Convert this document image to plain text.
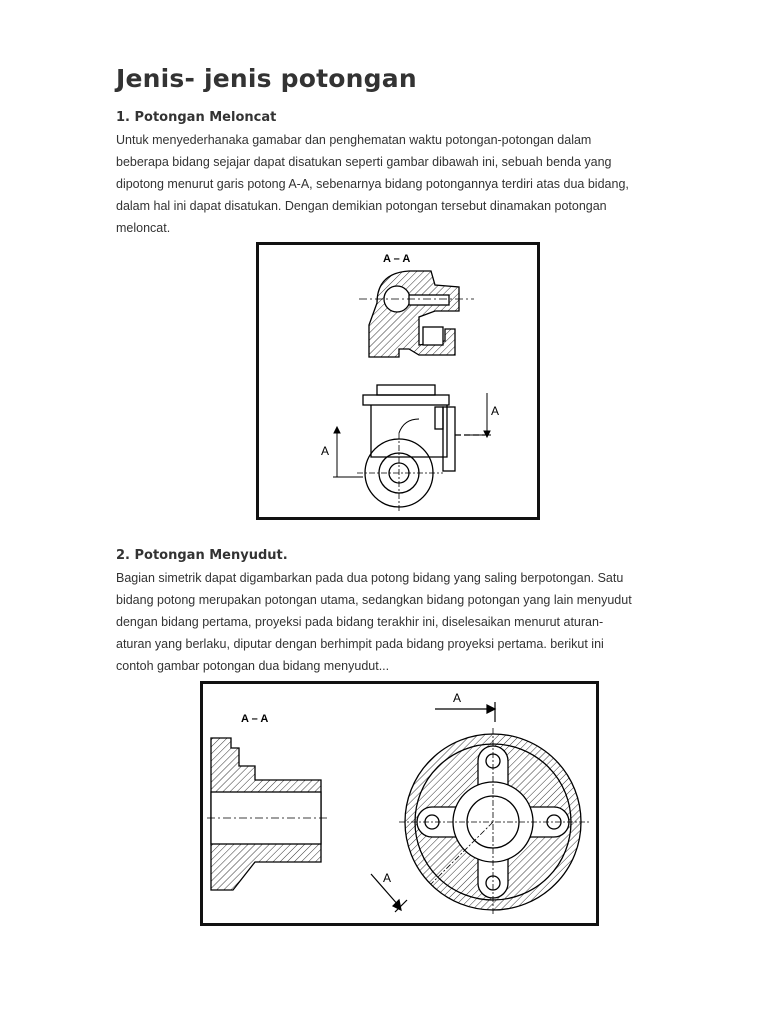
Jenis- jenis potongan
1. Potongan Meloncat
Untuk menyederhanaka gamabar dan penghematan waktu potongan-potongan dalam
beberapa bidang sejajar dapat disatukan seperti gambar dibawah ini, sebuah benda yang
dipotong menurut garis potong A-A, sebenarnya bidang potongannya terdiri atas dua bidang,
dalam hal ini dapat disatukan. Dengan demikian potongan tersebut dinamakan potongan
meloncat.
A – A
A
A
2. Potongan Menyudut.
Bagian simetrik dapat digambarkan pada dua potong bidang yang saling berpotongan. Satu
bidang potong merupakan potongan utama, sedangkan bidang potongan yang lain menyudut
dengan bidang pertama, proyeksi pada bidang terakhir ini, diselesaikan menurut aturan-
aturan yang berlaku, diputar dengan berhimpit pada bidang proyeksi pertama. berikut ini
contoh gambar potongan dua bidang menyudut...
A – A
A
A
